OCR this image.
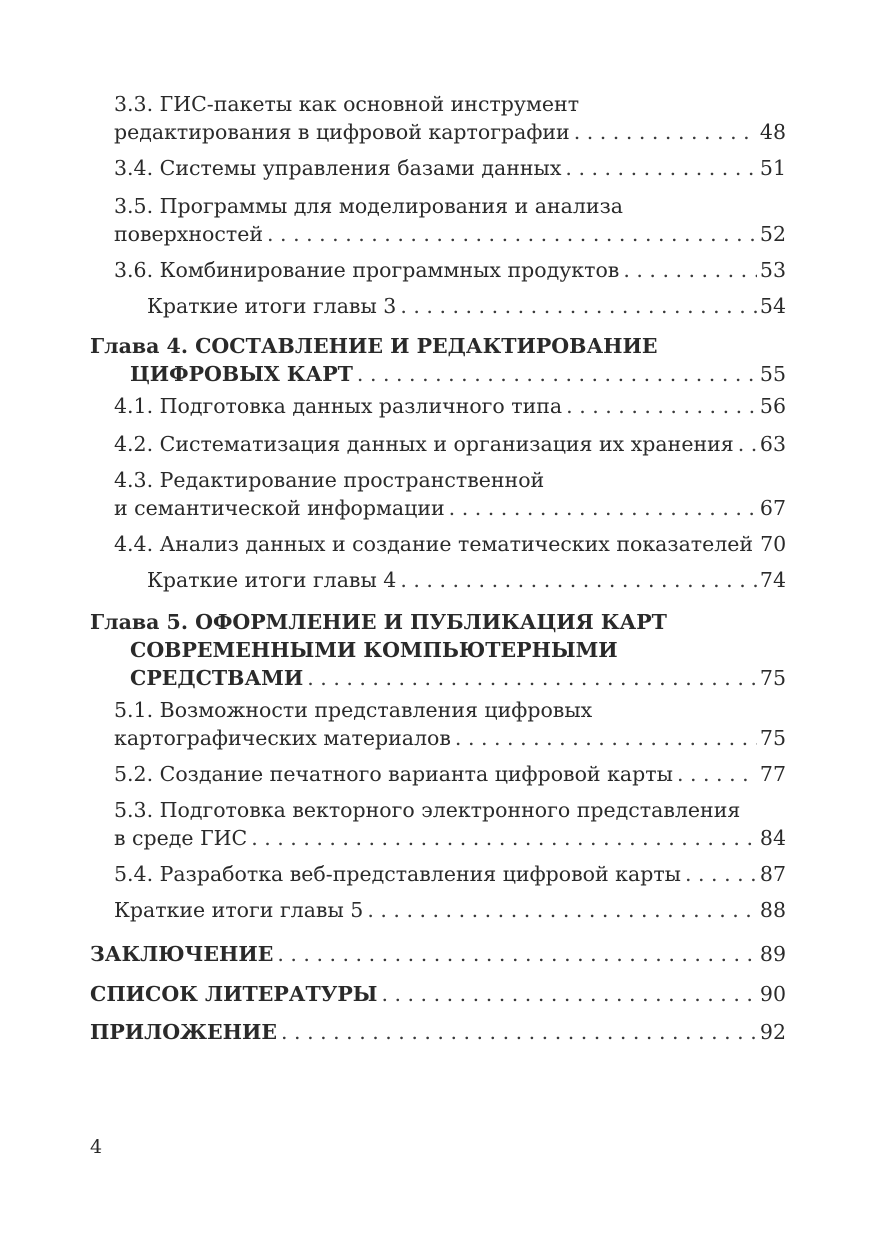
3.3. ГИС-пакеты как основной инструмент
редактирования в цифровой картографии . . .	48
3.4. Системы управления базами данных . . .	51
3.5. Программы для моделирования и анализа
поверхностей . . .	52
3.6. Комбинирование программных продуктов . . .	53
Краткие итоги главы 3 . . .	54
Глава 4. СОСТАВЛЕНИЕ И РЕДАКТИРОВАНИЕ
ЦИФРОВЫХ КАРТ . . .	55
4.1. Подготовка данных различного типа . . .	56
4.2. Систематизация данных и организация их хранения . . . 63
4.3. Редактирование пространственной
и семантической информации . . .	67
4.4. Анализ данных и создание тематических показателей 70
Краткие итоги главы 4 . . .	74
Глава 5. ОФОРМЛЕНИЕ И ПУБЛИКАЦИЯ КАРТ
СОВРЕМЕННЫМИ КОМПЬЮТЕРНЫМИ
СРЕДСТВАМИ . . .	75
5.1. Возможности представления цифровых
картографических материалов . . .	75
5.2. Создание печатного варианта цифровой карты . . .	77
5.3. Подготовка векторного электронного представления
в среде ГИС . . .	84
5.4. Разработка веб-представления цифровой карты . . .	87
Краткие итоги главы 5 . . .	88
ЗАКЛЮЧЕНИЕ . . .	89
СПИСОК ЛИТЕРАТУРЫ . . .	90
ПРИЛОЖЕНИЕ . . .	92
4
